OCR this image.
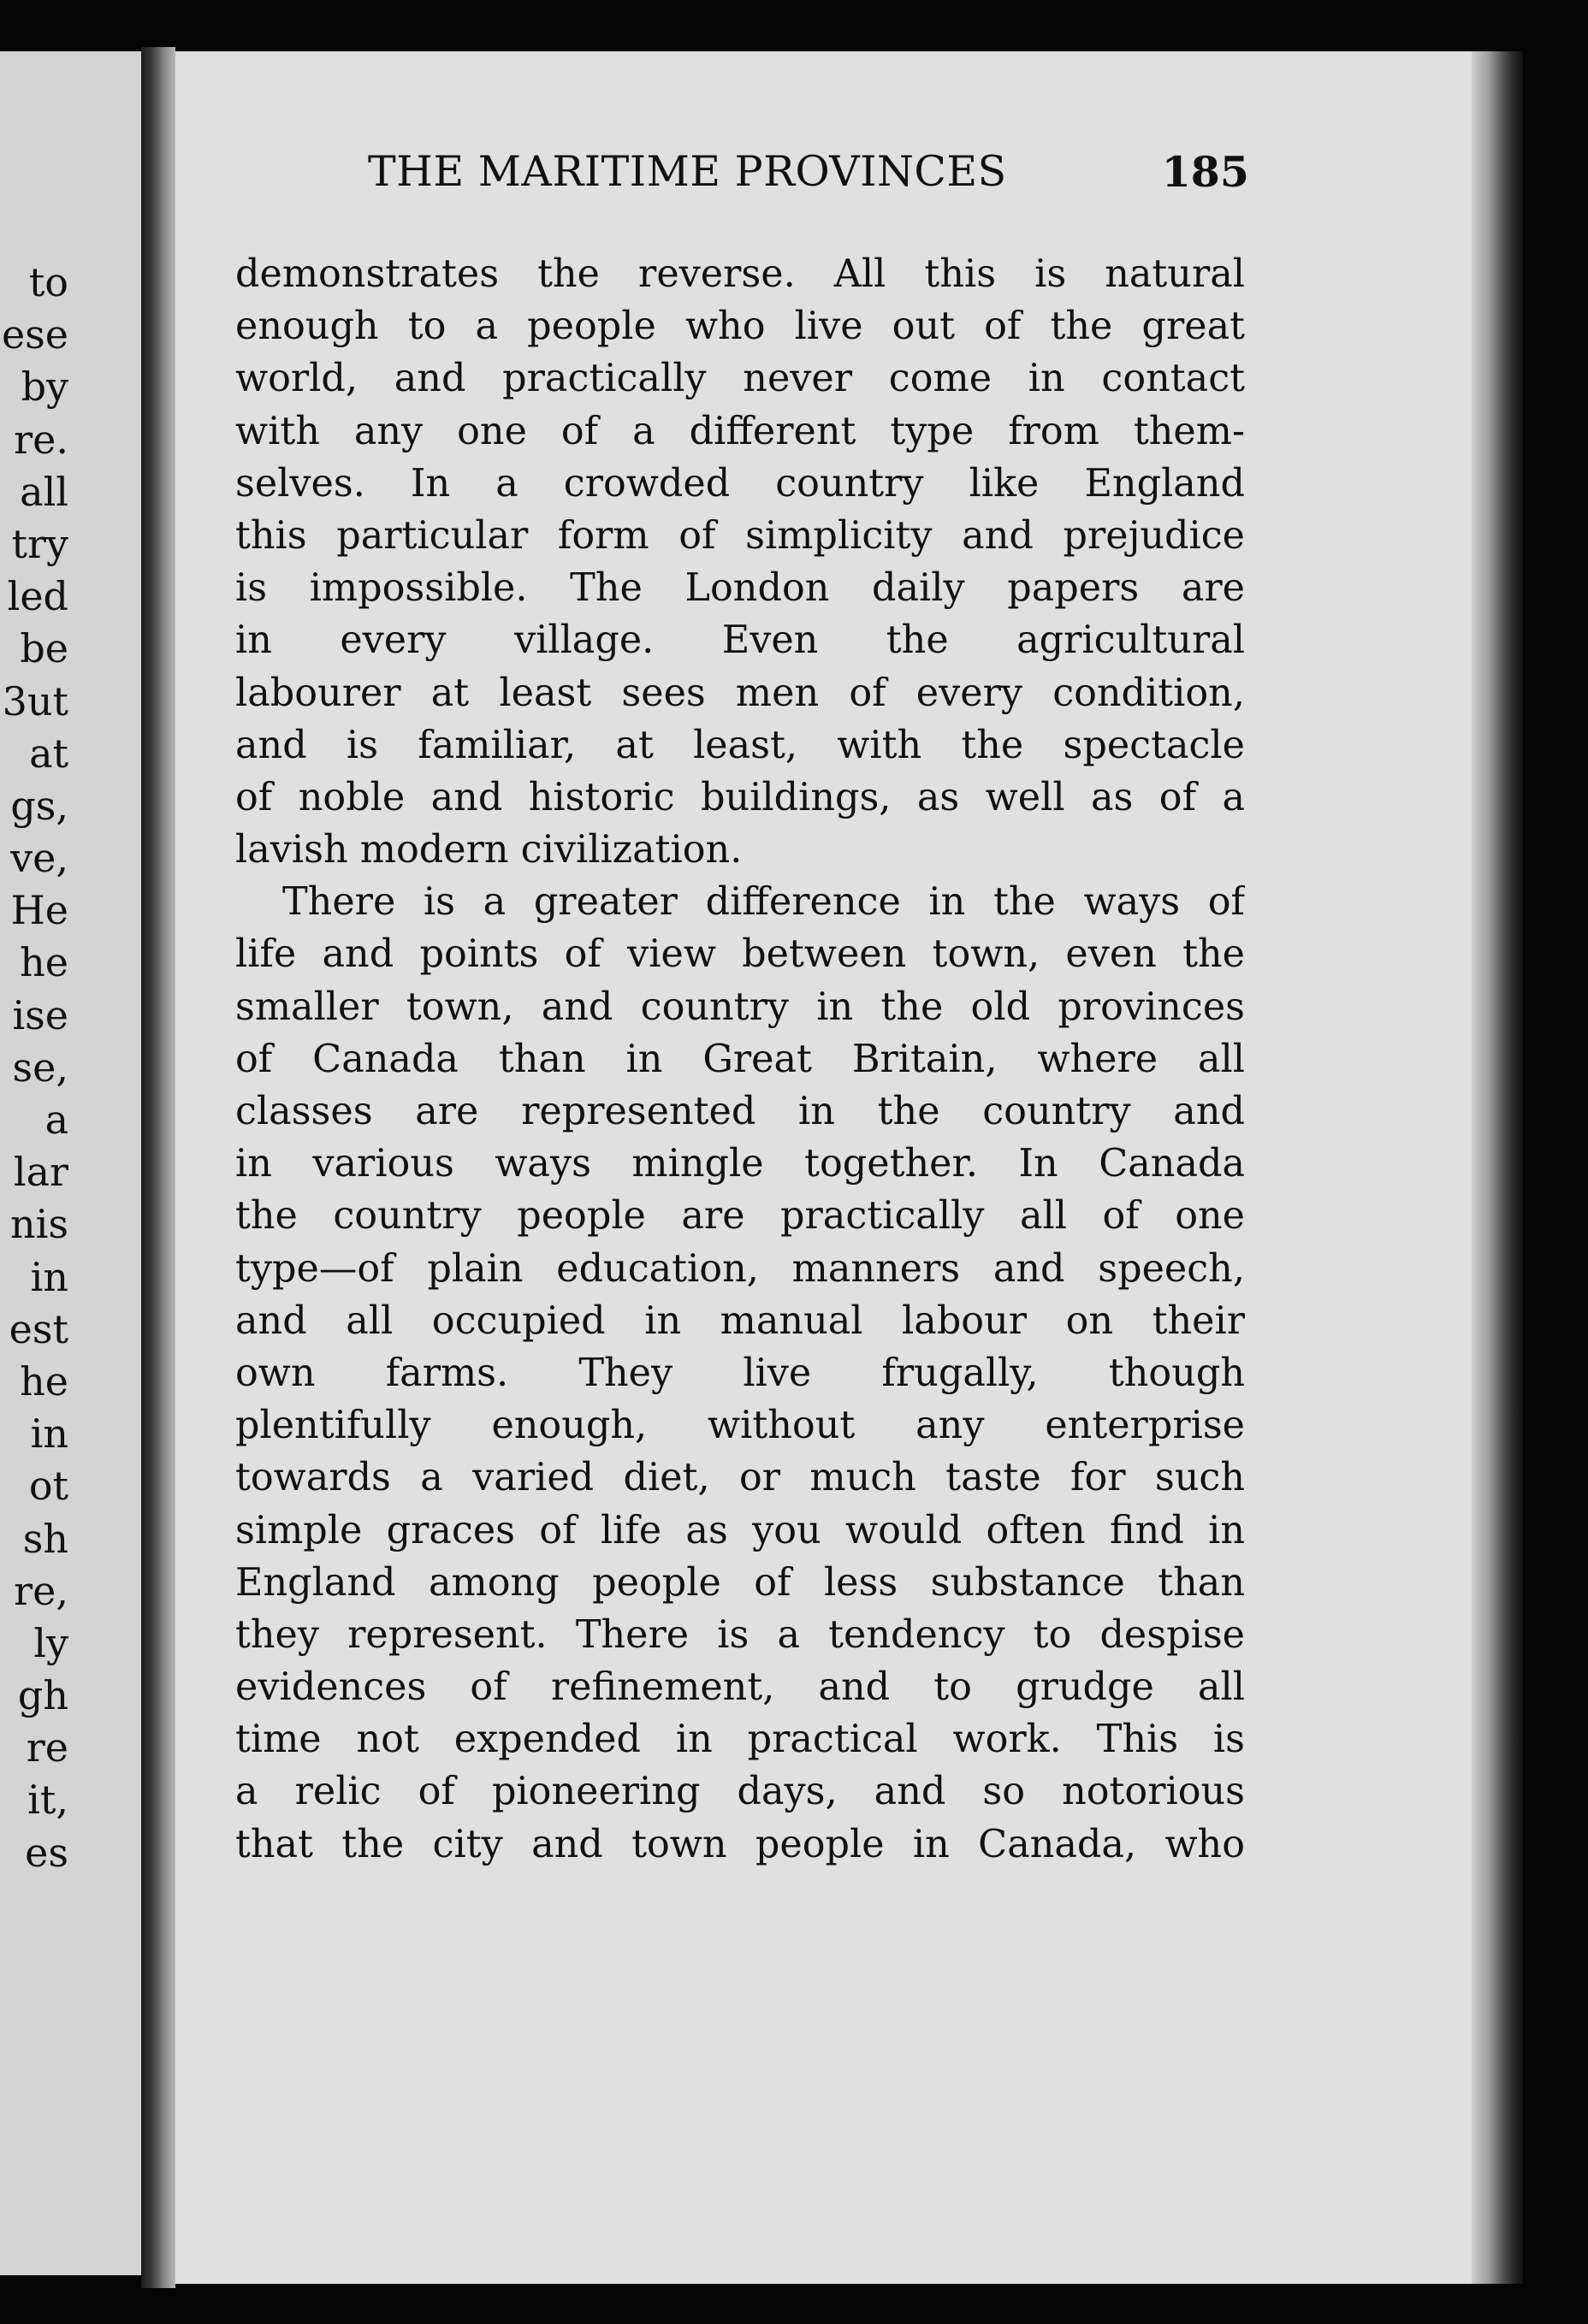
to
ese
by
re.
all
try
led
be
3ut
at
gs,
ve,
He
he
ise
se,
a
lar
nis
in
est
he
in
ot
sh
re,
ly
gh
re
it,
es
THE MARITIME PROVINCES	185
demonstrates the reverse. All this is natural
enough to a people who live out of the great
world, and practically never come in contact
with any one of a different type from them-
selves. In a crowded country like England
this particular form of simplicity and prejudice
is impossible. The London daily papers are
in every village. Even the agricultural
labourer at least sees men of every condition,
and is familiar, at least, with the spectacle
of noble and historic buildings, as well as of a
lavish modern civilization.
There is a greater difference in the ways of
life and points of view between town, even the
smaller town, and country in the old provinces
of Canada than in Great Britain, where all
classes are represented in the country and
in various ways mingle together. In Canada
the country people are practically all of one
type—of plain education, manners and speech,
and all occupied in manual labour on their
own farms. They live frugally, though
plentifully enough, without any enterprise
towards a varied diet, or much taste for such
simple graces of life as you would often find in
England among people of less substance than
they represent. There is a tendency to despise
evidences of refinement, and to grudge all
time not expended in practical work. This is
a relic of pioneering days, and so notorious
that the city and town people in Canada, who
